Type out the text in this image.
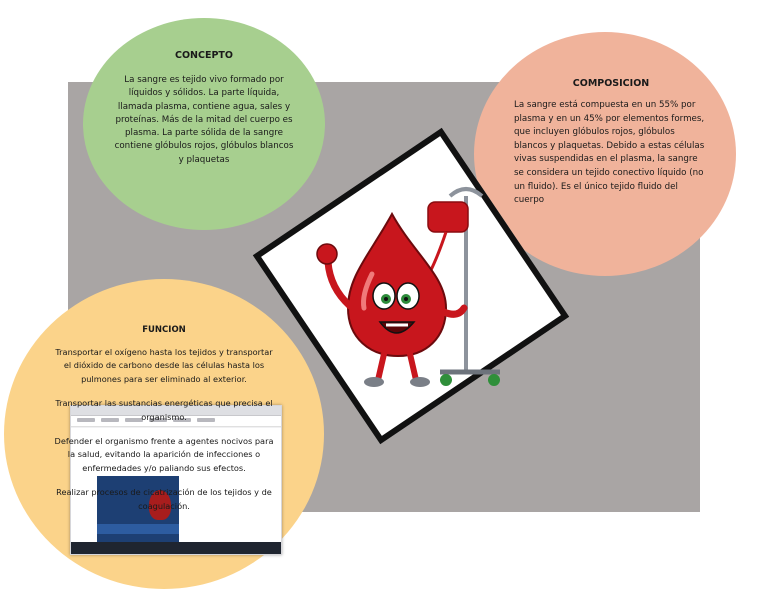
CONCEPTO

La sangre es tejido vivo formado por líquidos y sólidos. La parte líquida, llamada plasma, contiene agua, sales y proteínas. Más de la mitad del cuerpo es plasma. La parte sólida de la sangre contiene glóbulos rojos, glóbulos blancos y plaquetas

COMPOSICION

La sangre está compuesta en un 55% por plasma y en un 45% por elementos formes, que incluyen glóbulos rojos, glóbulos blancos y plaquetas. Debido a estas células vivas suspendidas en el plasma, la sangre se considera un tejido conectivo líquido (no un fluido). Es el único tejido fluido del cuerpo

FUNCION

Transportar el oxígeno hasta los tejidos y transportar el dióxido de carbono desde las células hasta los pulmones para ser eliminado al exterior.

Transportar las sustancias energéticas que precisa el organismo.

Defender el organismo frente a agentes nocivos para la salud, evitando la aparición de infecciones o enfermedades y/o paliando sus efectos.

Realizar procesos de cicatrización de los tejidos y de coagulación.
